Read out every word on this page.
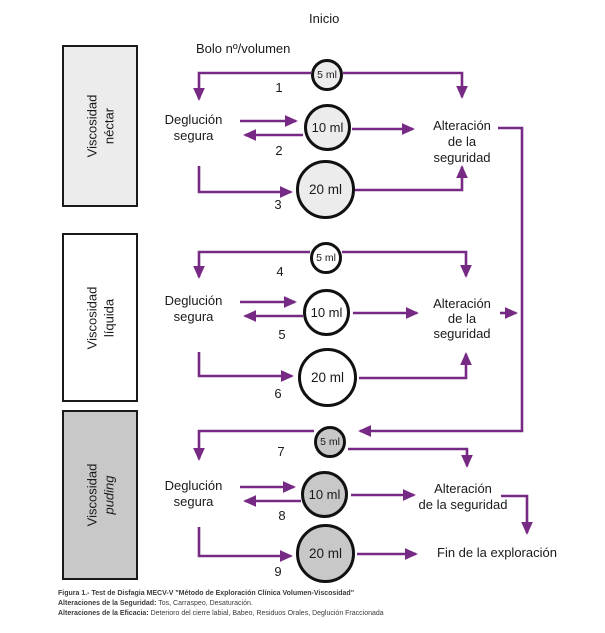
Inicio
Bolo nº/volumen
Viscosidad néctar
Viscosidad líquida
Viscosidad puding
Deglución
segura
Deglución
segura
Deglución
segura
1
2
3
4
5
6
7
8
9
5 ml
10 ml
20 ml
5 ml
10 ml
20 ml
5 ml
10 ml
20 ml
Alteración
de la seguridad
Alteración
de la
seguridad
Alteración
de la seguridad
Fin de la exploración
Figura 1.- Test de Disfagia MECV-V "Método de Exploración Clínica Volumen-Viscosidad"
Alteraciones de la Seguridad: Tos, Carraspeo, Desaturación.
Alteraciones de la Eficacia: Deterioro del cierre labial, Babeo, Residuos Orales, Deglución Fraccionada
